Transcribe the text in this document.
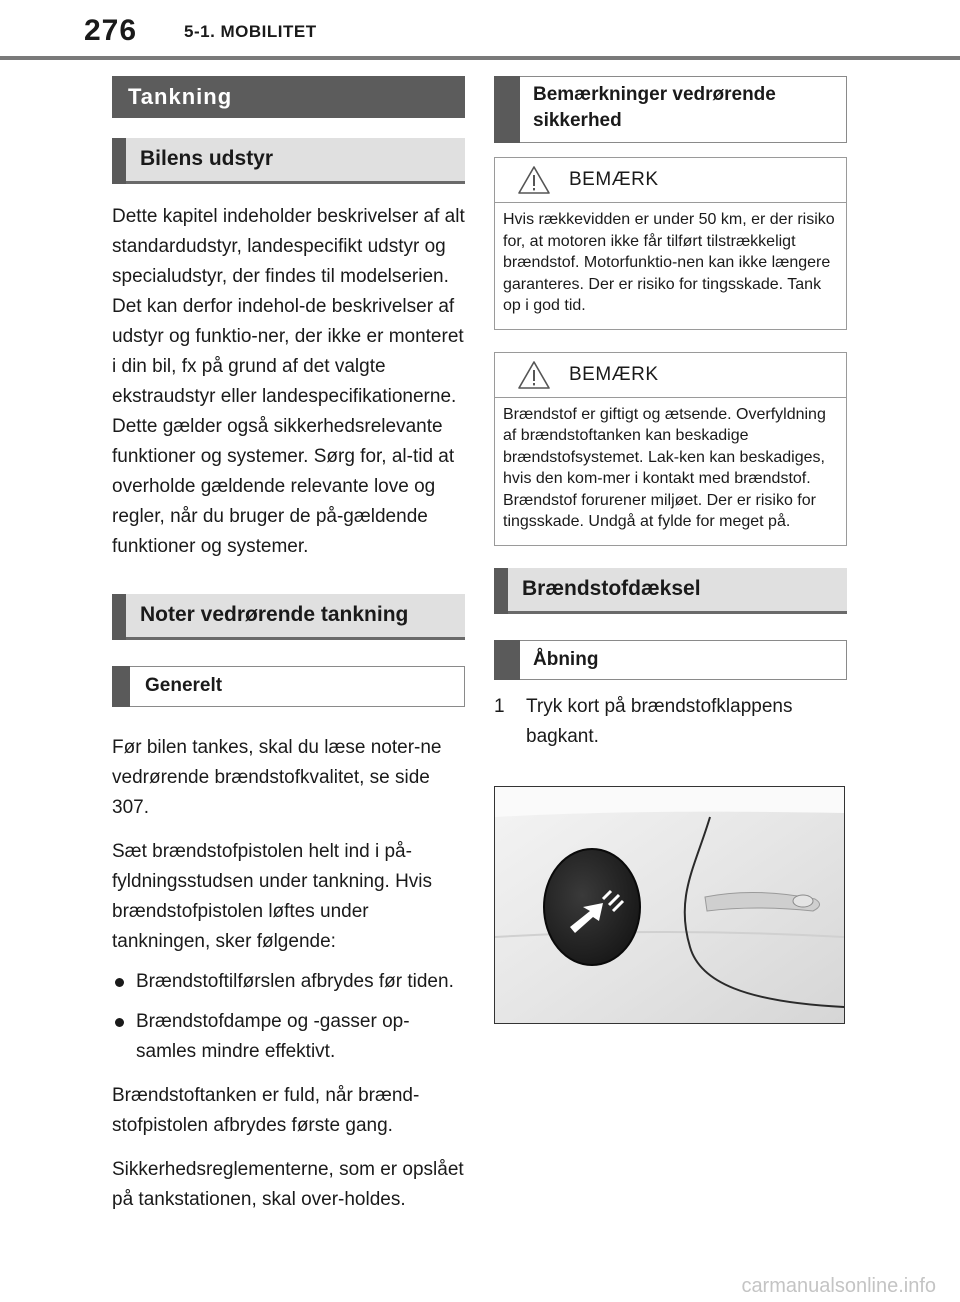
276	5-1. MOBILITET
Tankning
Bilens udstyr
Dette kapitel indeholder beskrivelser af alt standardudstyr, landespecifikt udstyr og specialudstyr, der findes til modelserien. Det kan derfor indehol-de beskrivelser af udstyr og funktio-ner, der ikke er monteret i din bil, fx på grund af det valgte ekstraudstyr eller landespecifikationerne. Dette gælder også sikkerhedsrelevante funktioner og systemer. Sørg for, al-tid at overholde gældende relevante love og regler, når du bruger de på-gældende funktioner og systemer.
Noter vedrørende tankning
Generelt
Før bilen tankes, skal du læse noter-ne vedrørende brændstofkvalitet, se side 307.
Sæt brændstofpistolen helt ind i på-fyldningsstudsen under tankning. Hvis brændstofpistolen løftes under tankningen, sker følgende:
Brændstoftilførslen afbrydes før tiden.
Brændstofdampe og -gasser op-samles mindre effektivt.
Brændstoftanken er fuld, når brænd-stofpistolen afbrydes første gang.
Sikkerhedsreglementerne, som er opslået på tankstationen, skal over-holdes.
Bemærkninger vedrørende sikkerhed
BEMÆRK
Hvis rækkevidden er under 50 km, er der risiko for, at motoren ikke får tilført tilstrækkeligt brændstof. Motorfunktio-nen kan ikke længere garanteres. Der er risiko for tingsskade. Tank op i god tid.
BEMÆRK
Brændstof er giftigt og ætsende. Overfyldning af brændstoftanken kan beskadige brændstofsystemet. Lak-ken kan beskadiges, hvis den kom-mer i kontakt med brændstof. Brændstof forurener miljøet. Der er risiko for tingsskade. Undgå at fylde for meget på.
Brændstofdæksel
Åbning
1 Tryk kort på brændstofklappens bagkant.
carmanualsonline.info
